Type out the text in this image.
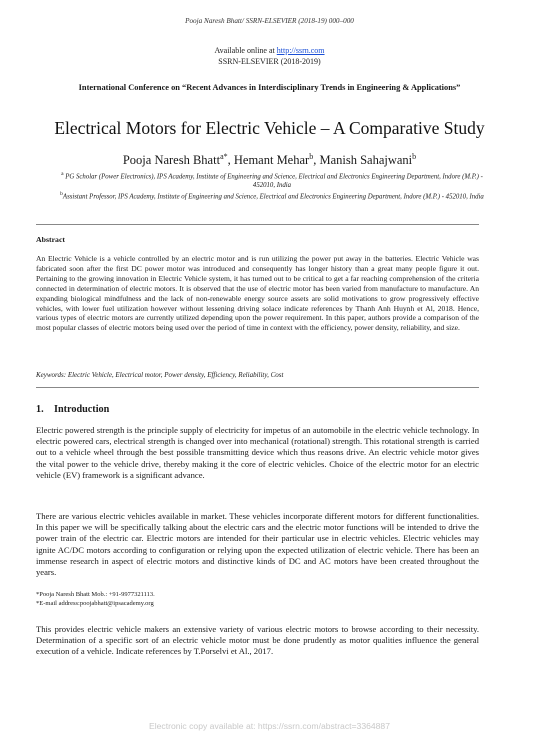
Pooja Naresh Bhatt/ SSRN-ELSEVIER (2018-19) 000–000
Available online at http://ssrn.com
SSRN-ELSEVIER (2018-2019)
International Conference on “Recent Advances in Interdisciplinary Trends in Engineering & Applications”
Electrical Motors for Electric Vehicle – A Comparative Study
Pooja Naresh Bhatt$^{a*}$, Hemant Mehar$^b$, Manish Sahajwani$^b$
$^a$ PG Scholar (Power Electronics), IPS Academy, Institute of Engineering and Science, Electrical and Electronics Engineering Department, Indore (M.P.) - 452010, India
$^b$Assistant Professor, IPS Academy, Institute of Engineering and Science, Electrical and Electronics Engineering Department, Indore (M.P.) - 452010, India
Abstract
An Electric Vehicle is a vehicle controlled by an electric motor and is run utilizing the power put away in the batteries. Electric Vehicle was fabricated soon after the first DC power motor was introduced and consequently has longer history than a great many people figure it out. Pertaining to the growing innovation in Electric Vehicle system, it has turned out to be critical to get a far reaching comprehension of the criteria connected in determination of electric motors. It is observed that the use of electric motor has been varied from manufacture to manufacture. An expanding biological mindfulness and the lack of non-renewable energy source assets are solid motivations to grow progressively effective vehicles, with lower fuel utilization however without lessening driving solace indicate references by Thanh Anh Huynh et Al, 2018. Hence, various types of electric motors are currently utilized depending upon the power requirement. In this paper, authors provide a comparison of the most popular classes of electric motors being used over the period of time in context with the efficiency, power density, reliability, and size.
Keywords: Electric Vehicle, Electrical motor, Power density, Efficiency, Reliability, Cost
1. Introduction
Electric powered strength is the principle supply of electricity for impetus of an automobile in the electric vehicle technology. In electric powered cars, electrical strength is changed over into mechanical (rotational) strength. This rotational strength is carried out to a vehicle wheel through the best possible transmitting device which thus reasons drive. An electric vehicle motor gives the vital power to the vehicle drive, thereby making it the core of electric vehicles. Choice of the electric motor for an electric vehicle (EV) framework is a significant advance.
There are various electric vehicles available in market. These vehicles incorporate different motors for different functionalities. In this paper we will be specifically talking about the electric cars and the electric motor functions will be intended to drive the power train of the electric car. Electric motors are intended for their particular use in electric vehicles. Electric vehicles may ignite AC/DC motors according to configuration or relying upon the expected utilization of electric vehicle. There has been an immense research in aspect of electric motors and distinctive kinds of DC and AC motors have been created throughout the years.
*Pooja Naresh Bhatt Mob.: +91-9977321113.
*E-mail address:poojabhatt@ipsacademy.org
This provides electric vehicle makers an extensive variety of various electric motors to browse according to their necessity. Determination of a specific sort of an electric vehicle motor must be done prudently as motor qualities influence the general execution of a vehicle. Indicate references by T.Porselvi et Al., 2017.
Electronic copy available at: https://ssrn.com/abstract=3364887
